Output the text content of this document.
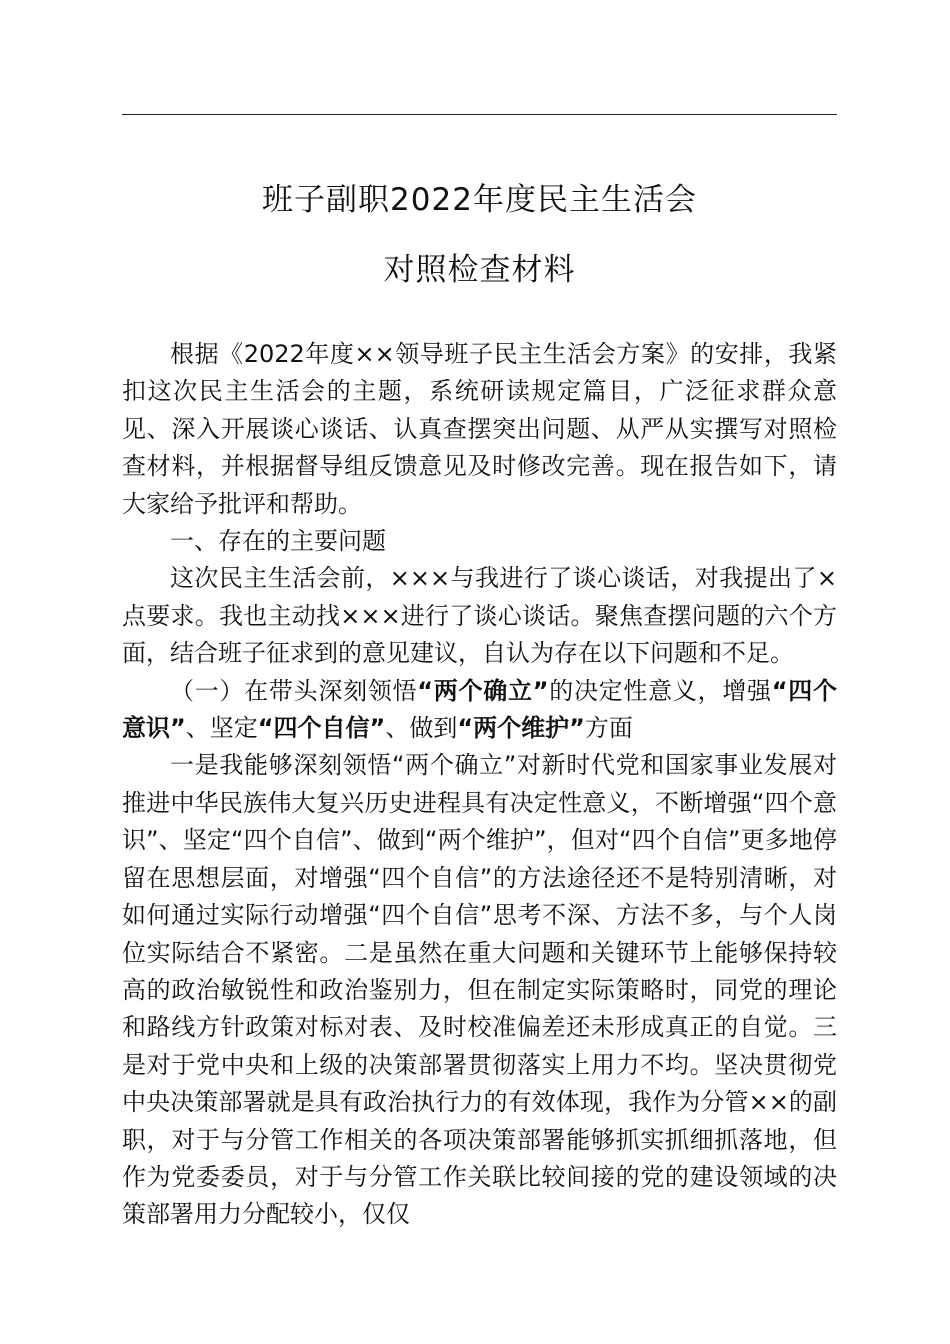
班子副职2022年度民主生活会
对照检查材料

根据《2022年度××领导班子民主生活会方案》的安排，我紧扣这次民主生活会的主题，系统研读规定篇目，广泛征求群众意见、深入开展谈心谈话、认真查摆突出问题、从严从实撰写对照检查材料，并根据督导组反馈意见及时修改完善。现在报告如下，请大家给予批评和帮助。

一、存在的主要问题

这次民主生活会前，×××与我进行了谈心谈话，对我提出了×点要求。我也主动找×××进行了谈心谈话。聚焦查摆问题的六个方面，结合班子征求到的意见建议，自认为存在以下问题和不足。

（一）在带头深刻领悟“两个确立”的决定性意义，增强“四个意识”、坚定“四个自信”、做到“两个维护”方面

一是我能够深刻领悟“两个确立”对新时代党和国家事业发展对推进中华民族伟大复兴历史进程具有决定性意义，不断增强“四个意识”、坚定“四个自信”、做到“两个维护”，但对“四个自信”更多地停留在思想层面，对增强“四个自信”的方法途径还不是特别清晰，对如何通过实际行动增强“四个自信”思考不深、方法不多，与个人岗位实际结合不紧密。二是虽然在重大问题和关键环节上能够保持较高的政治敏锐性和政治鉴别力，但在制定实际策略时，同党的理论和路线方针政策对标对表、及时校准偏差还未形成真正的自觉。三是对于党中央和上级的决策部署贯彻落实上用力不均。坚决贯彻党中央决策部署就是具有政治执行力的有效体现，我作为分管××的副职，对于与分管工作相关的各项决策部署能够抓实抓细抓落地，但作为党委委员，对于与分管工作关联比较间接的党的建设领域的决策部署用力分配较小，仅仅
